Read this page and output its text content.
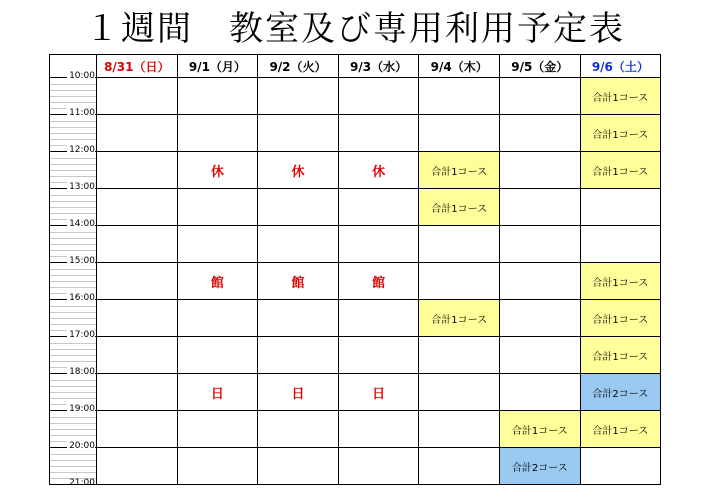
１週間　教室及び専用利用予定表
	8/31（日）	9/1（月）	9/2（火）	9/3（水）	9/4（木）	9/5（金）	9/6（土）

10:00							合計1コース

11:00							合計1コース

12:00		休	休	休	合計1コース		合計1コース

13:00					合計1コース		

14:00							

15:00		館	館	館			合計1コース

16:00					合計1コース		合計1コース

17:00							合計1コース

18:00		日	日	日			合計2コース

19:00						合計1コース	合計1コース

20:00						合計2コース	
21:00
